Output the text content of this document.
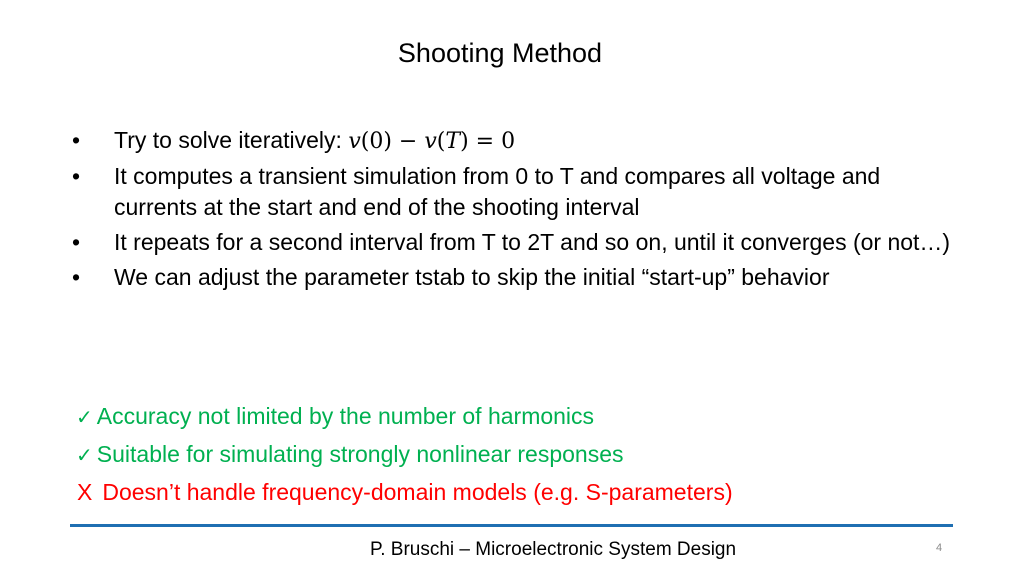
Shooting Method
•	Try to solve iteratively: v(0) − v(T) = 0
•	It computes a transient simulation from 0 to T and compares all voltage and currents at the start and end of the shooting interval
•	It repeats for a second interval from T to 2T and so on, until it converges (or not…)
•	We can adjust the parameter tstab to skip the initial “start-up” behavior
✓ Accuracy not limited by the number of harmonics
✓ Suitable for simulating strongly nonlinear responses
X Doesn’t handle frequency-domain models (e.g. S-parameters)
P. Bruschi – Microelectronic System Design	4
